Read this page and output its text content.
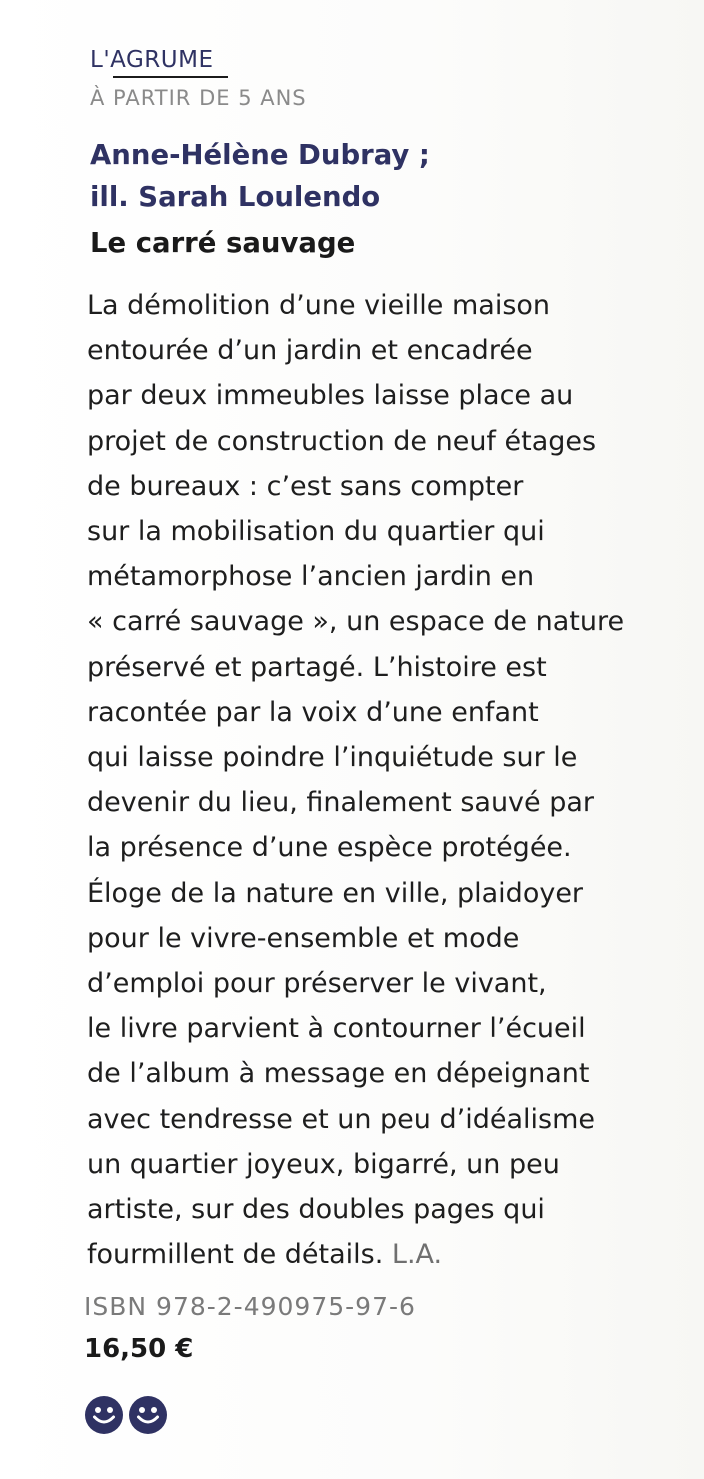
L'AGRUME
À PARTIR DE 5 ANS
Anne-Hélène Dubray ;
ill. Sarah Loulendo
Le carré sauvage
La démolition d’une vieille maison
entourée d’un jardin et encadrée
par deux immeubles laisse place au
projet de construction de neuf étages
de bureaux : c’est sans compter
sur la mobilisation du quartier qui
métamorphose l’ancien jardin en
« carré sauvage », un espace de nature
préservé et partagé. L’histoire est
racontée par la voix d’une enfant
qui laisse poindre l’inquiétude sur le
devenir du lieu, finalement sauvé par
la présence d’une espèce protégée.
Éloge de la nature en ville, plaidoyer
pour le vivre-ensemble et mode
d’emploi pour préserver le vivant,
le livre parvient à contourner l’écueil
de l’album à message en dépeignant
avec tendresse et un peu d’idéalisme
un quartier joyeux, bigarré, un peu
artiste, sur des doubles pages qui
fourmillent de détails. L.A.
ISBN 978-2-490975-97-6
16,50 €
